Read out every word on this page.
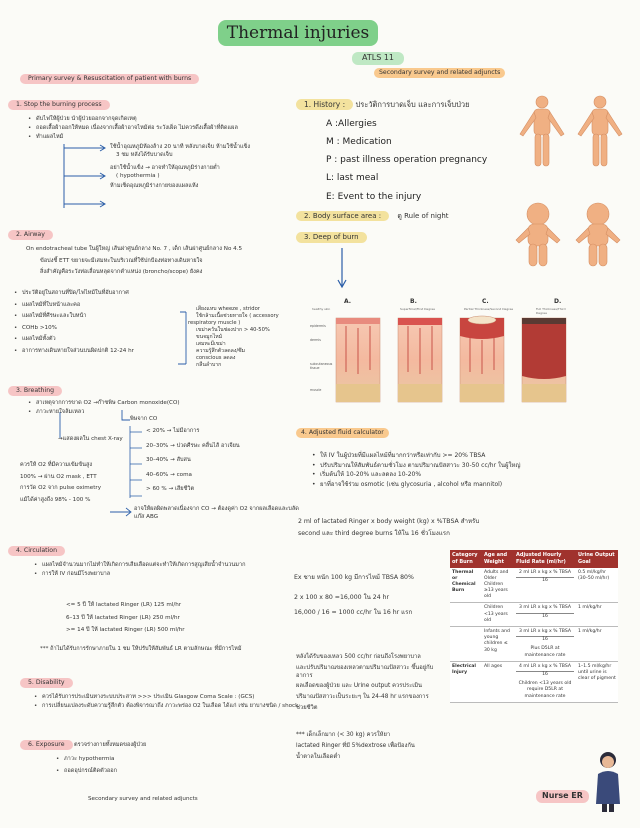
Thermal injuries
ATLS 11
Primary survey & Resuscitation of patient with burns
1. Stop the burning process
• ดับไฟให้ผู้ป่วย นำผู้ป่วยออกจากจุดเกิดเหตุ
• ถอดเสื้อผ้าออกให้หมด เนื่องจากเสื้อผ้าอาจไหม้ต่อ ระวังเผ็ด ไม่ควรดึงเสื้อผ้าที่ติดแผล
• ทำแผลไหม้
ใช้น้ำอุณหภูมิห้องล้าง 20 นาที หลังบาดเจ็บ ห้ามใช้น้ำแข็ง
3 ชม หลังได้รับบาดเจ็บ
อย่าใช้น้ำแข็ง → อาจทำให้อุณหภูมิร่างกายต่ำ
( hypothermia )
ห้ามเช็ดอุณหภูมิร่างกายของแผลแห้ง
2. Airway
On endotracheal tube ในผู้ใหญ่ เส้นผ่าศูนย์กลาง No. 7 , เด็ก เส้นผ่าศูนย์กลาง No 4.5
ข้อบ่งชี้ ETT ขยายจะมีเสมหะในบริเวณที่ใช้ปกป้องท่อทางเดินหายใจ
สิ่งสำคัญคือระวังท่อเลื่อนหลุดจากตำแหน่ง (broncho/scope) ยังคง
• ประวัติอยู่ในสถานที่ปิด/ไฟไหม้ในที่อับอากาศ
• แผลไหม้ที่ใบหน้าและคอ
• แผลไหม้ที่ศีรษะและใบหน้า
• COHb >10%
• แผลไหม้ทั้งตัว
• อาการทางเดินหายใจส่วนบนผิดปกติ 12-24 hr
เสียงแหบ wheeze , stridor
ใช้กล้ามเนื้อช่วยหายใจ ( accessory
respiratory muscle )
เขม่าควันในช่องปาก > 40-50%
ขนจมูกไหม้
เสมหะมีเขม่า
ความรู้สึกตัวลดลง/ซึม
conscious ลดลง
กลืนลำบาก
3. Breathing
• สาเหตุจากการขาด O2 →ก๊าซพิษ Carbon monoxide(CO)
• ภาวะหายใจล้มเหลว
→แสดงผลใน chest X-ray
พิษจาก CO
< 20% → ไม่มีอาการ
20–30% → ปวดศีรษะ คลื่นไส้ อาเจียน
30–40% → สับสน
40–60% → coma
> 60 % → เสียชีวิต
ควรให้ O2 ที่มีความเข้มข้นสูง
100% → ผ่าน O2 mask , ETT
การวัด O2 จาก pulse oximetry
แม้ได้ค่าสูงถึง 98% - 100 %
อาจให้ผลผิดพลาดเนื่องจาก CO → ต้องดูค่า O2 จากผลเลือดและบลัดแก๊ส ABG
4. Circulation
• แผลไหม้จำนวนมากไม่ทำให้เกิดการเสียเลือดแต่จะทำให้เกิดการสูญเสียน้ำจำนวนมาก
• การให้ IV ก่อนมีโรงพยาบาล
<= 5 ปี ให้ lactated Ringer (LR) 125 ml/hr
6–13 ปี ให้ lactated Ringer (LR) 250 ml/hr
>= 14 ปี ให้ lactated Ringer (LR) 500 ml/hr
*** ถ้าไม่ได้รับการรักษาภายใน 1 ชม ให้ปรับให้สัมพันธ์ LR ตามลักษณะ ที่มีการไหม้
5. Disability
• ควรได้รับการประเมินทางระบบประสาท >>> ประเมิน Glasgow Coma Scale : (GCS)
• การเปลี่ยนแปลงระดับความรู้สึกตัว ต้องพิจารณาถึง ภาวะพร่อง O2 ในเลือด ได้แก่ เช่น ยาบางชนิด / shock
6. Exposure	ตรวจร่างกายทั้งหมดของผู้ป่วย
• ภาวะ hypothermia
• ถอดอุปกรณ์ติดตัวออก
Secondary survey and related adjuncts
Secondary survey and related adjuncts
1. History : ประวัติการบาดเจ็บ และการเจ็บป่วย
A :Allergies
M : Medication
P : past illness operation pregnancy
L: last meal
E: Event to the injury
2. Body surface area : ดู Rule of night
3. Deep of burn
A.	B.	C.	D.
healthy skin	Superficial/First Degree	Partial Thickness/Second Degree	Full Thickness/Third Degree
epidermis
dermis
subcutaneous tissue
muscle
4. Adjusted fluid calculator
• ให้ IV ในผู้ป่วยที่มีแผลไหม้ที่มากกว่าหรือเท่ากับ >= 20% TBSA
• ปรับปริมาณให้สัมพันธ์ตามชั่วโมง ตามปริมาณปัสสาวะ 30-50 cc/hr ในผู้ใหญ่
• เริ่มต้นให้ 10-20% และลดลง 10-20%
• ยาที่อาจใช้ร่วม osmotic (เช่น glycosuria , alcohol หรือ mannitol)
2 ml of lactated Ringer x body weight (kg) x %TBSA สำหรับ
second และ third degree burns ให้ใน 16 ชั่วโมงแรก
Ex ชาย หนัก 100 kg มีการไหม้ TBSA 80%
2 x 100 x 80 =16,000 ใน 24 hr
16,000 / 16 = 1000 cc/hr ใน 16 hr แรก
หลังได้รับของเหลว 500 cc/hr ก่อนถึงโรงพยาบาล
และปรับปริมาณของเหลวตามปริมาณปัสสาวะ ขึ้นอยู่กับอาการ
ผลเลือดของผู้ป่วย และ Urine output ควรประเมิน
ปริมาณปัสสาวะเป็นระยะๆ ใน 24-48 hr แรกของการ
ช่วยชีวิต
*** เด็กเล็กมาก (< 30 kg) ควรให้ยา
lactated Ringer ที่มี 5%dextrose เพื่อป้องกัน
น้ำตาลในเลือดต่ำ
Category of Burn	Age and Weight	Adjusted Hourly Fluid Rate (ml/hr)	Urine Output Goal
Thermal or Chemical Burn	Adults and Older Children ≥13 years old	2 ml LR x kg x % TBSA
16	0.5 ml/kg/hr (30–50 ml/hr)
	Children <13 years old	3 ml LR x kg x % TBSA
16	1 ml/kg/hr
	Infants and young children ≤ 30 kg	3 ml LR x kg x % TBSA
16
Plus D5LR at maintenance rate	1 ml/kg/hr
Electrical Injury	All ages	4 ml LR x kg x % TBSA
16
Children <13 years old require D5LR at maintenance rate	1–1.5 ml/kg/hr until urine is clear of pigment
Nurse ER
